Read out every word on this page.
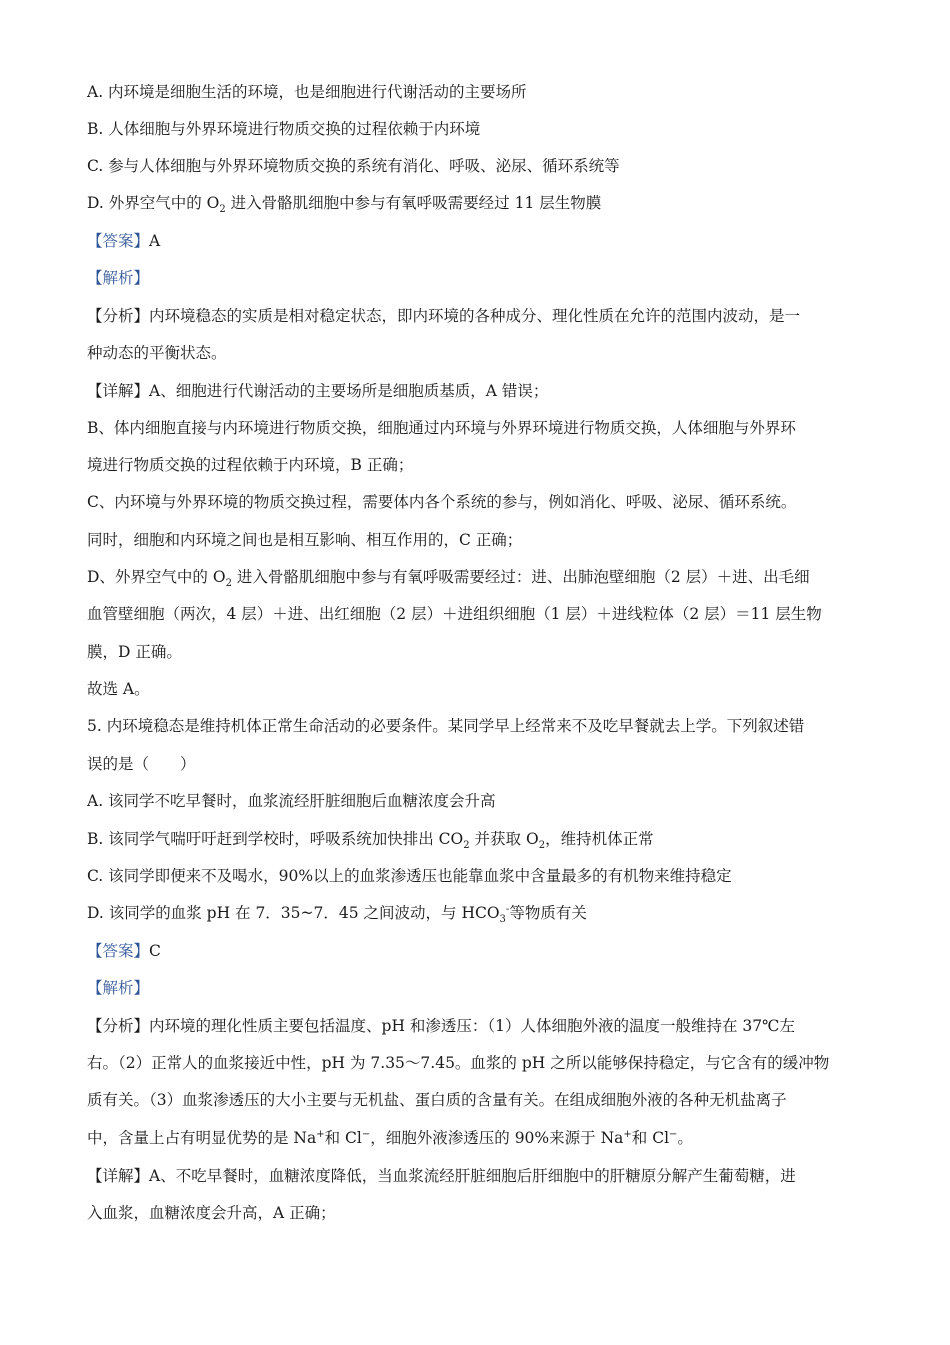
A. 内环境是细胞生活的环境，也是细胞进行代谢活动的主要场所
B. 人体细胞与外界环境进行物质交换的过程依赖于内环境
C. 参与人体细胞与外界环境物质交换的系统有消化、呼吸、泌尿、循环系统等
D. 外界空气中的 $O_2$ 进入骨骼肌细胞中参与有氧呼吸需要经过 11 层生物膜
【答案】A
【解析】
【分析】内环境稳态的实质是相对稳定状态，即内环境的各种成分、理化性质在允许的范围内波动，是一
种动态的平衡状态。
【详解】A、细胞进行代谢活动的主要场所是细胞质基质，A 错误；
B、体内细胞直接与内环境进行物质交换，细胞通过内环境与外界环境进行物质交换，人体细胞与外界环
境进行物质交换的过程依赖于内环境，B 正确；
C、内环境与外界环境的物质交换过程，需要体内各个系统的参与，例如消化、呼吸、泌尿、循环系统。
同时，细胞和内环境之间也是相互影响、相互作用的，C 正确；
D、外界空气中的 $O_2$ 进入骨骼肌细胞中参与有氧呼吸需要经过：进、出肺泡壁细胞（2 层）＋进、出毛细
血管壁细胞（两次，4 层）＋进、出红细胞（2 层）＋进组织细胞（1 层）＋进线粒体（2 层）＝11 层生物
膜，D 正确。
故选 A。
5. 内环境稳态是维持机体正常生命活动的必要条件。某同学早上经常来不及吃早餐就去上学。下列叙述错
误的是（　　）
A. 该同学不吃早餐时，血浆流经肝脏细胞后血糖浓度会升高
B. 该同学气喘吁吁赶到学校时，呼吸系统加快排出 $CO_2$ 并获取 $O_2$，维持机体正常
C. 该同学即便来不及喝水，90%以上的血浆渗透压也能靠血浆中含量最多的有机物来维持稳定
D. 该同学的血浆 pH 在 7．35~7．45 之间波动，与 $HCO_3^-$等物质有关
【答案】C
【解析】
【分析】内环境的理化性质主要包括温度、pH 和渗透压：（1）人体细胞外液的温度一般维持在 37℃左
右。（2）正常人的血浆接近中性，pH 为 7.35～7.45。血浆的 pH 之所以能够保持稳定，与它含有的缓冲物
质有关。（3）血浆渗透压的大小主要与无机盐、蛋白质的含量有关。在组成细胞外液的各种无机盐离子
中，含量上占有明显优势的是 Na+和 Cl−，细胞外液渗透压的 90%来源于 Na+和 Cl−。
【详解】A、不吃早餐时，血糖浓度降低，当血浆流经肝脏细胞后肝细胞中的肝糖原分解产生葡萄糖，进
入血浆，血糖浓度会升高，A 正确；
